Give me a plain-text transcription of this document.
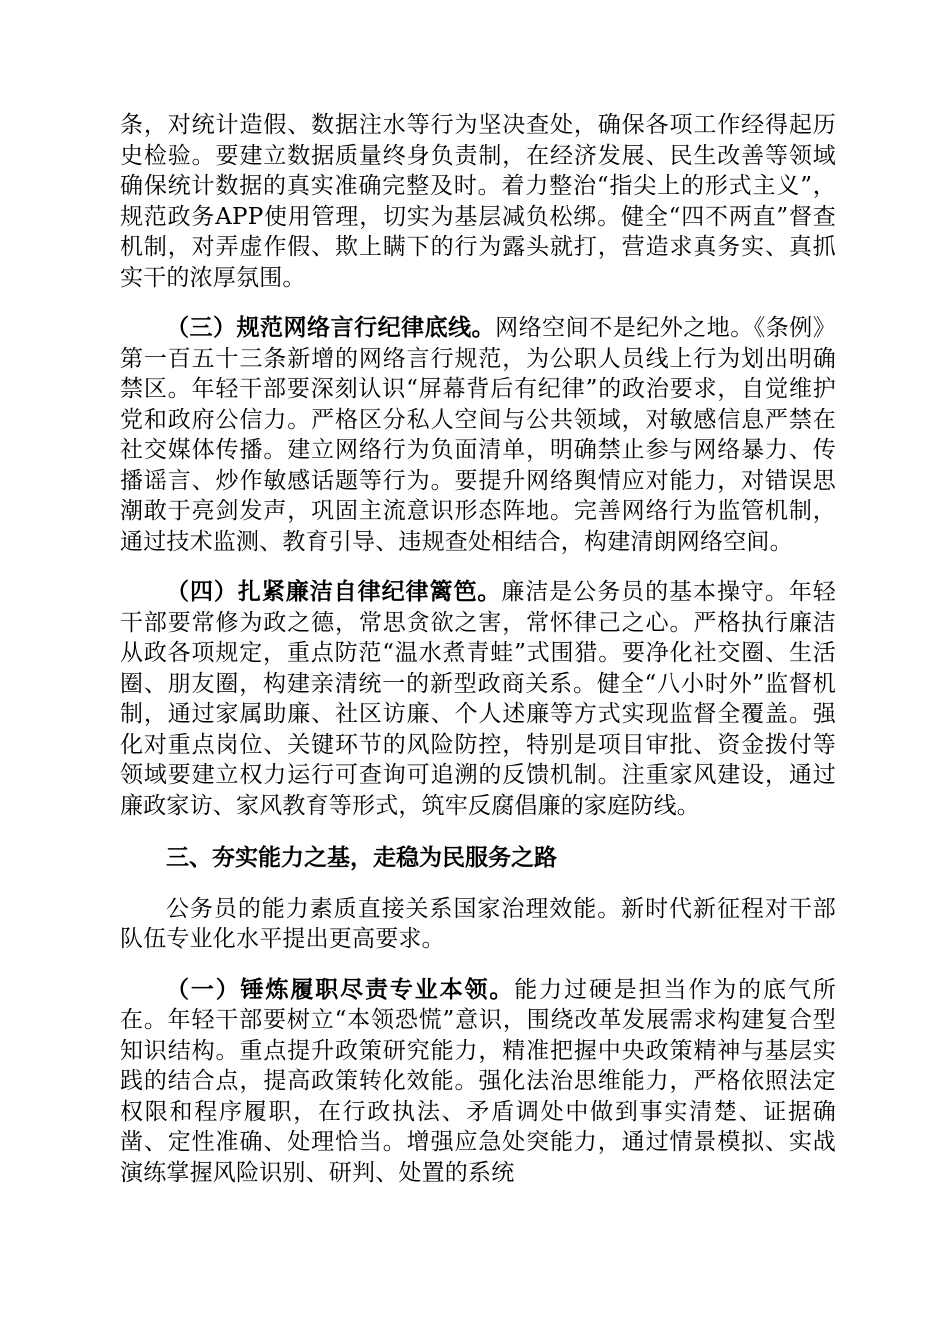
条，对统计造假、数据注水等行为坚决查处，确保各项工作经得起历史检验。要建立数据质量终身负责制，在经济发展、民生改善等领域确保统计数据的真实准确完整及时。着力整治“指尖上的形式主义”，规范政务APP使用管理，切实为基层减负松绑。健全“四不两直”督查机制，对弄虚作假、欺上瞒下的行为露头就打，营造求真务实、真抓实干的浓厚氛围。

（三）规范网络言行纪律底线。网络空间不是纪外之地。《条例》第一百五十三条新增的网络言行规范，为公职人员线上行为划出明确禁区。年轻干部要深刻认识“屏幕背后有纪律”的政治要求，自觉维护党和政府公信力。严格区分私人空间与公共领域，对敏感信息严禁在社交媒体传播。建立网络行为负面清单，明确禁止参与网络暴力、传播谣言、炒作敏感话题等行为。要提升网络舆情应对能力，对错误思潮敢于亮剑发声，巩固主流意识形态阵地。完善网络行为监管机制，通过技术监测、教育引导、违规查处相结合，构建清朗网络空间。

（四）扎紧廉洁自律纪律篱笆。廉洁是公务员的基本操守。年轻干部要常修为政之德，常思贪欲之害，常怀律己之心。严格执行廉洁从政各项规定，重点防范“温水煮青蛙”式围猎。要净化社交圈、生活圈、朋友圈，构建亲清统一的新型政商关系。健全“八小时外”监督机制，通过家属助廉、社区访廉、个人述廉等方式实现监督全覆盖。强化对重点岗位、关键环节的风险防控，特别是项目审批、资金拨付等领域要建立权力运行可查询可追溯的反馈机制。注重家风建设，通过廉政家访、家风教育等形式，筑牢反腐倡廉的家庭防线。

三、夯实能力之基，走稳为民服务之路

公务员的能力素质直接关系国家治理效能。新时代新征程对干部队伍专业化水平提出更高要求。

（一）锤炼履职尽责专业本领。能力过硬是担当作为的底气所在。年轻干部要树立“本领恐慌”意识，围绕改革发展需求构建复合型知识结构。重点提升政策研究能力，精准把握中央政策精神与基层实践的结合点，提高政策转化效能。强化法治思维能力，严格依照法定权限和程序履职，在行政执法、矛盾调处中做到事实清楚、证据确凿、定性准确、处理恰当。增强应急处突能力，通过情景模拟、实战演练掌握风险识别、研判、处置的系统
